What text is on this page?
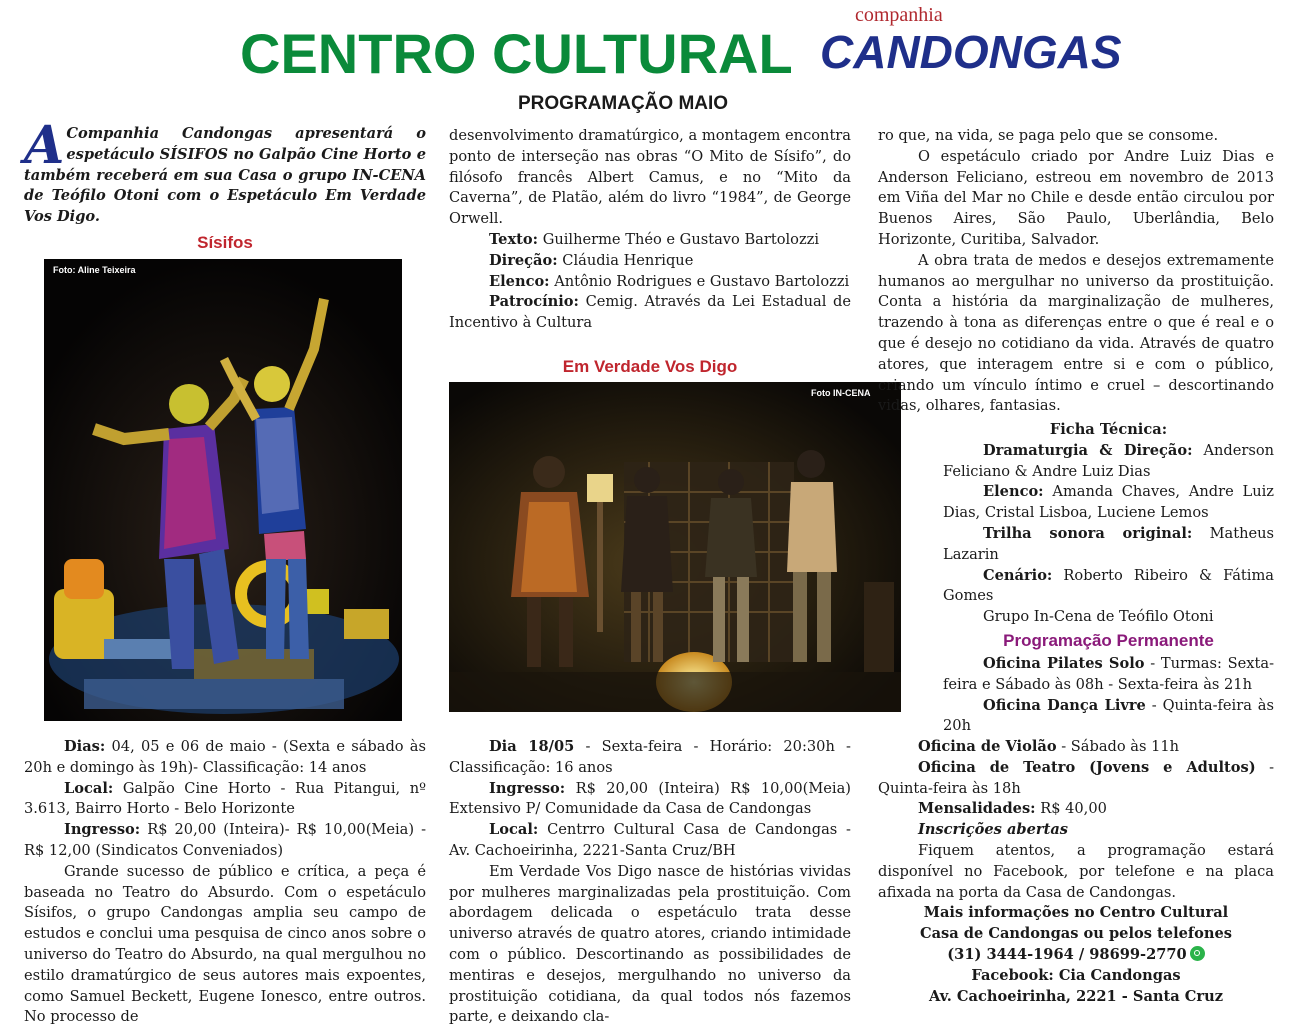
CENTRO CULTURAL
companhia
CANDONGAS
PROGRAMAÇÃO MAIO

A Companhia Candongas apresentará o espetáculo SÍSIFOS no Galpão Cine Horto e também receberá em sua Casa o grupo IN-CENA de Teófilo Otoni com o Espetáculo Em Verdade Vos Digo.

Sísifos
Foto: Aline Teixeira

Dias: 04, 05 e 06 de maio - (Sexta e sábado às 20h e domingo às 19h)- Classificação: 14 anos

Local: Galpão Cine Horto - Rua Pitangui, nº 3.613, Bairro Horto - Belo Horizonte

Ingresso: R$ 20,00 (Inteira)- R$ 10,00(Meia) - R$ 12,00 (Sindicatos Conveniados)

Grande sucesso de público e crítica, a peça é baseada no Teatro do Absurdo. Com o espetáculo Sísifos, o grupo Candongas amplia seu campo de estudos e conclui uma pesquisa de cinco anos sobre o universo do Teatro do Absurdo, na qual mergulhou no estilo dramatúrgico de seus autores mais expoentes, como Samuel Beckett, Eugene Ionesco, entre outros. No processo de

desenvolvimento dramatúrgico, a montagem encontra ponto de interseção nas obras “O Mito de Sísifo”, do filósofo francês Albert Camus, e no “Mito da Caverna”, de Platão, além do livro “1984”, de George Orwell.

Texto: Guilherme Théo e Gustavo Bartolozzi

Direção: Cláudia Henrique

Elenco: Antônio Rodrigues e Gustavo Bartolozzi

Patrocínio: Cemig. Através da Lei Estadual de Incentivo à Cultura

Em Verdade Vos Digo
Foto IN-CENA

Dia 18/05 - Sexta-feira - Horário: 20:30h - Classificação: 16 anos

Ingresso: R$ 20,00 (Inteira) R$ 10,00(Meia) Extensivo P/ Comunidade da Casa de Candongas

Local: Centrro Cultural Casa de Candongas - Av. Cachoeirinha, 2221-Santa Cruz/BH

Em Verdade Vos Digo nasce de histórias vividas por mulheres marginalizadas pela prostituição. Com abordagem delicada o espetáculo trata desse universo através de quatro atores, criando intimidade com o público. Descortinando as possibilidades de mentiras e desejos, mergulhando no universo da prostituição cotidiana, da qual todos nós fazemos parte, e deixando cla-

ro que, na vida, se paga pelo que se consome.

O espetáculo criado por Andre Luiz Dias e Anderson Feliciano, estreou em novembro de 2013 em Viña del Mar no Chile e desde então circulou por Buenos Aires, São Paulo, Uberlândia, Belo Horizonte, Curitiba, Salvador.

A obra trata de medos e desejos extremamente humanos ao mergulhar no universo da prostituição. Conta a história da marginalização de mulheres, trazendo à tona as diferenças entre o que é real e o que é desejo no cotidiano da vida. Através de quatro atores, que interagem entre si e com o público, criando um vínculo íntimo e cruel – descortinando vidas, olhares, fantasias.

Ficha Técnica:

Dramaturgia & Direção: Anderson Feliciano & Andre Luiz Dias

Elenco: Amanda Chaves, Andre Luiz Dias, Cristal Lisboa, Luciene Lemos

Trilha sonora original: Matheus Lazarin

Cenário: Roberto Ribeiro & Fátima Gomes

Grupo In-Cena de Teófilo Otoni

Programação Permanente

Oficina Pilates Solo - Turmas: Sexta-feira e Sábado às 08h - Sexta-feira às 21h

Oficina Dança Livre - Quinta-feira às 20h

Oficina de Violão - Sábado às 11h

Oficina de Teatro (Jovens e Adultos) - Quinta-feira às 18h

Mensalidades: R$ 40,00

Inscrições abertas

Fiquem atentos, a programação estará disponível no Facebook, por telefone e na placa afixada na porta da Casa de Candongas.

Mais informações no Centro Cultural

Casa de Candongas ou pelos telefones

(31) 3444-1964 / 98699-2770

Facebook: Cia Candongas

Av. Cachoeirinha, 2221 - Santa Cruz
